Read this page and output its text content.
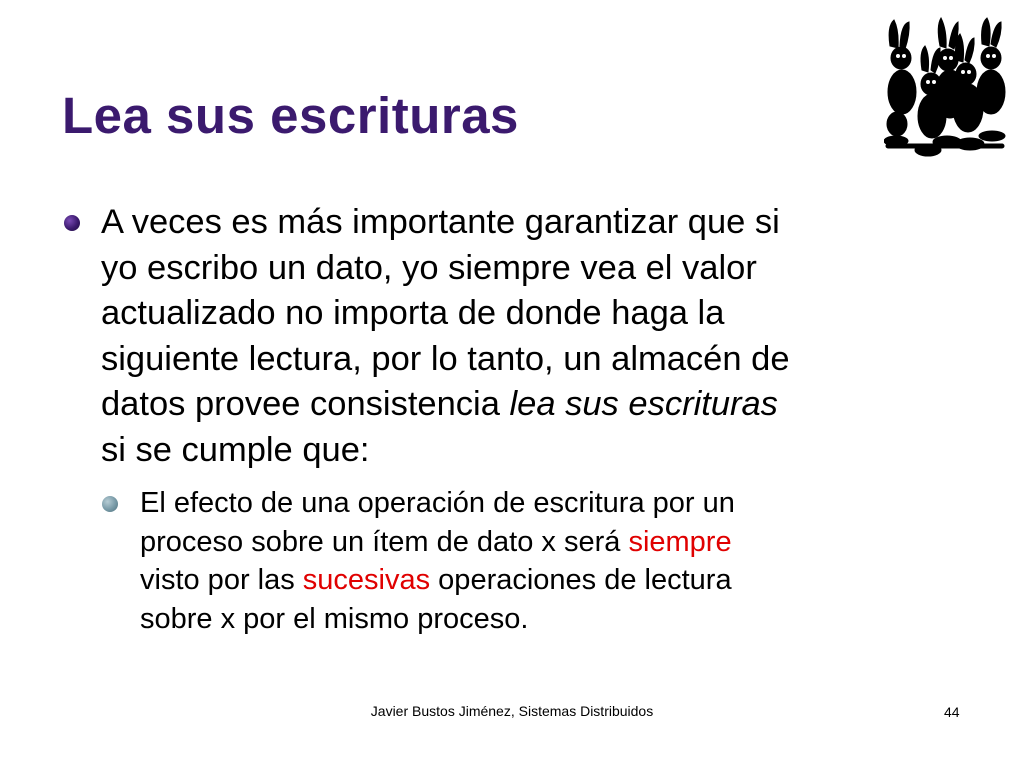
Lea sus escrituras
A veces es más importante garantizar que si
yo escribo un dato, yo siempre vea el valor
actualizado no importa de donde haga la
siguiente lectura, por lo tanto, un almacén de
datos provee consistencia lea sus escrituras
si se cumple que:
El efecto de una operación de escritura por un
proceso sobre un ítem de dato x será siempre
visto por las sucesivas operaciones de lectura
sobre x por el mismo proceso.
Javier Bustos Jiménez, Sistemas Distribuidos	44
